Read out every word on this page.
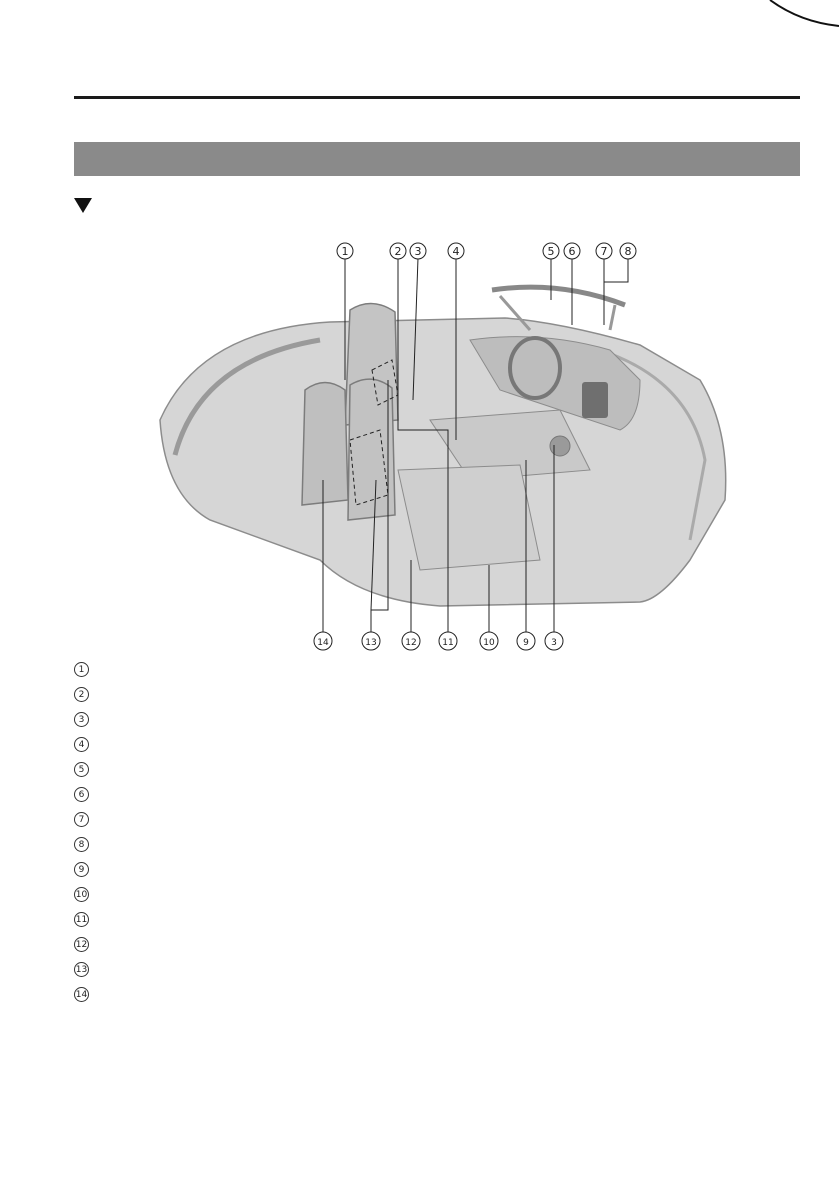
1	2 3	4	5 6 7 8
14	13	12	11	10	9 3
1
2
3
4
5
6
7
8
9
10
11
12
13
14
